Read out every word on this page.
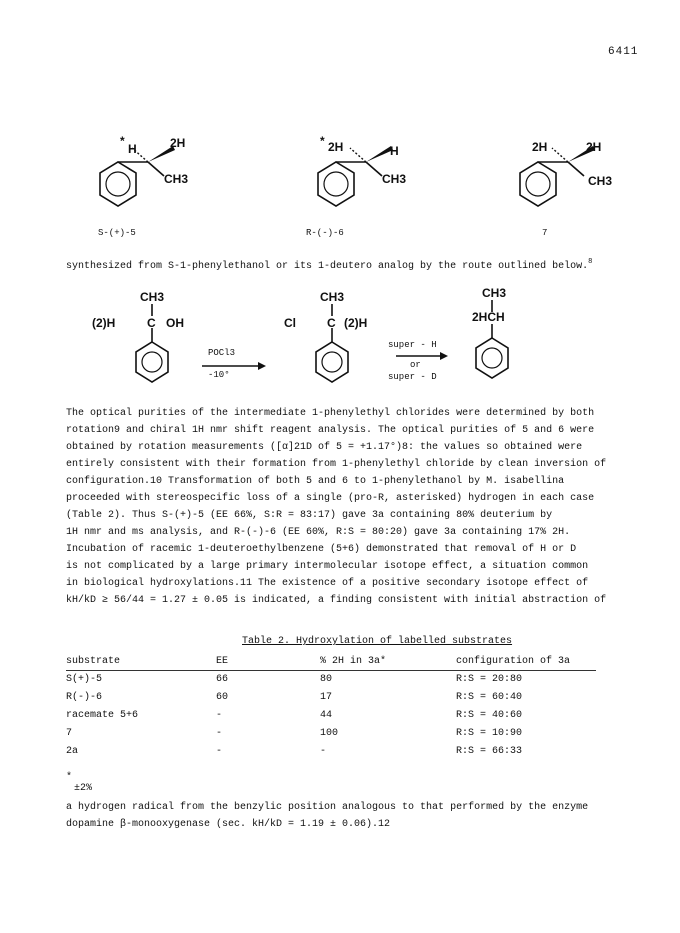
6411
*
H	2H
CH3
S-(+)-5
* 2H	H
CH3
R-(-)-6
2H	2H
CH3
7
synthesized from S-1-phenylethanol or its 1-deutero analog by the route outlined below.$^8$
CH3
(2)H	C OH
POCl3
-10°
CH3
Cl	C (2)H
super - H
or
super - D
CH3
2HCH
The optical purities of the intermediate 1-phenylethyl chlorides were determined by both
rotation9 and chiral 1H nmr shift reagent analysis. The optical purities of 5 and 6 were
obtained by rotation measurements ([α]21D of 5 = +1.17°)8: the values so obtained were
entirely consistent with their formation from 1-phenylethyl chloride by clean inversion of
configuration.10 Transformation of both 5 and 6 to 1-phenylethanol by M. isabellina
proceeded with stereospecific loss of a single (pro-R, asterisked) hydrogen in each case
(Table 2). Thus S-(+)-5 (EE 66%, S:R = 83:17) gave 3a containing 80% deuterium by
1H nmr and ms analysis, and R-(-)-6 (EE 60%, R:S = 80:20) gave 3a containing 17% 2H.
Incubation of racemic 1-deuteroethylbenzene (5+6) demonstrated that removal of H or D
is not complicated by a large primary intermolecular isotope effect, a situation common
in biological hydroxylations.11 The existence of a positive secondary isotope effect of
kH/kD ≥ 56/44 = 1.27 ± 0.05 is indicated, a finding consistent with initial abstraction of
Table 2. Hydroxylation of labelled substrates
substrate	EE	% 2H in 3a*	configuration of 3a
S(+)-5	66	80	R:S = 20:80
R(-)-6	60	17	R:S = 60:40
racemate 5+6	-	44	R:S = 40:60
7	-	100	R:S = 10:90
2a	-	-	R:S = 66:33
*
±2%
a hydrogen radical from the benzylic position analogous to that performed by the enzyme
dopamine β-monooxygenase (sec. kH/kD = 1.19 ± 0.06).12
